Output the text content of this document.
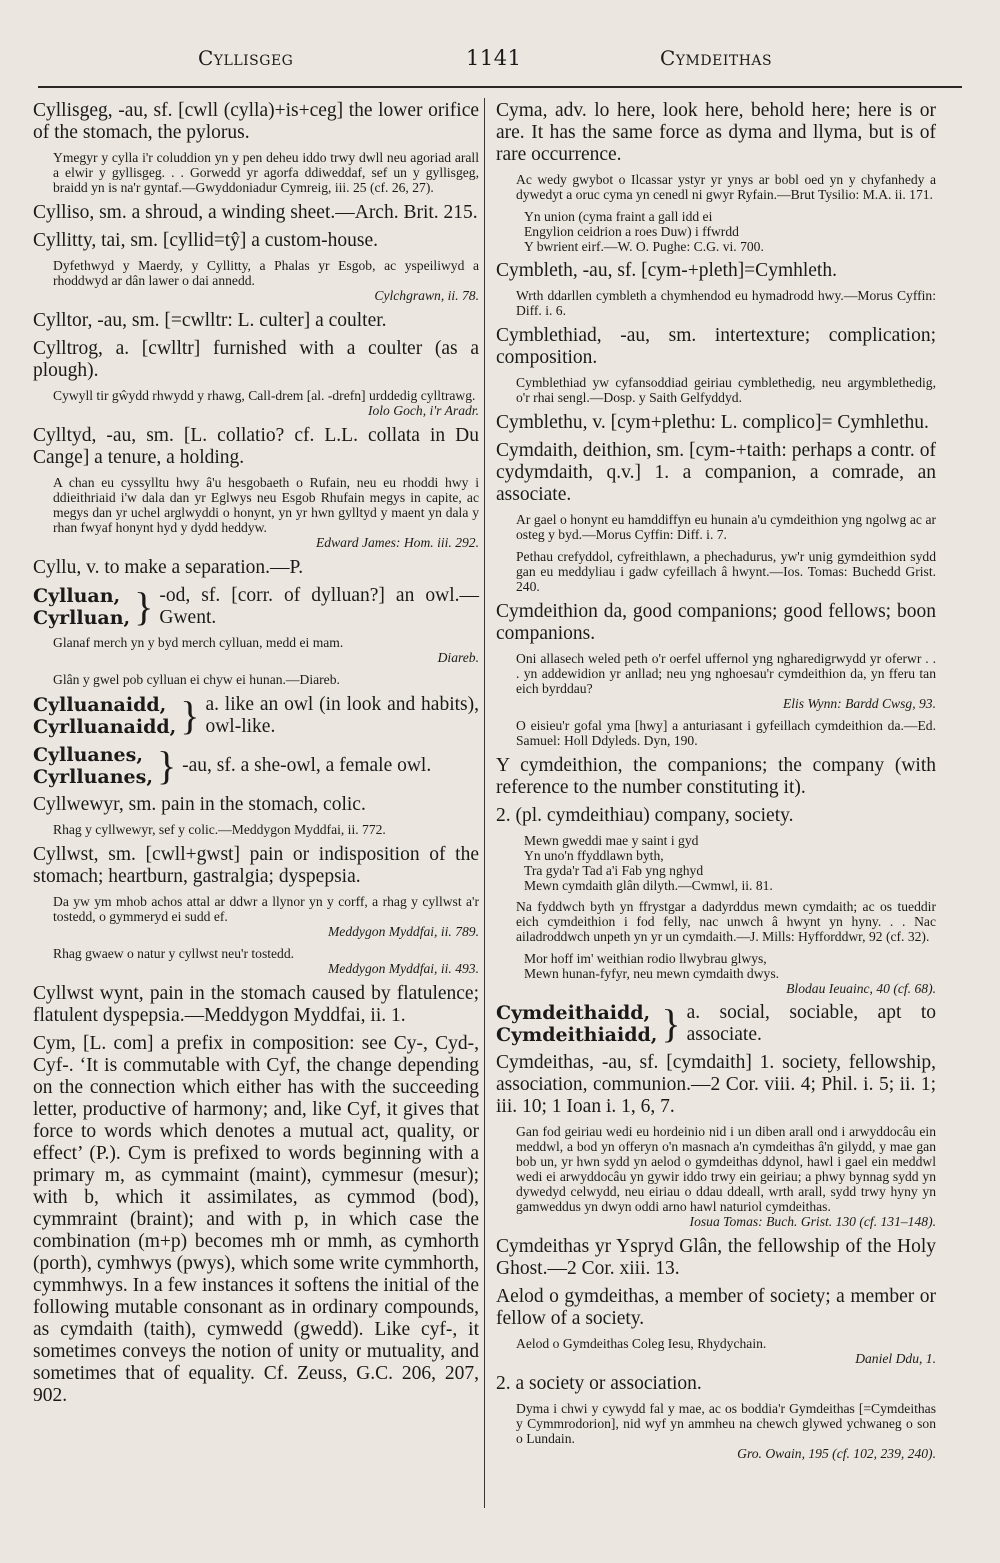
Cyllisgeg	1141	Cymdeithas

Cyllisgeg, -au, sf. [cwll (cylla)+is+ceg] the lower orifice of the stomach, the pylorus.

Ymegyr y cylla i'r coluddion yn y pen deheu iddo trwy dwll neu agoriad arall a elwir y gyllisgeg. . . Gorwedd yr agorfa ddiweddaf, sef un y gyllisgeg, braidd yn is na'r gyntaf.—Gwyddoniadur Cymreig, iii. 25 (cf. 26, 27).

Cylliso, sm. a shroud, a winding sheet.—Arch. Brit. 215.

Cyllitty, tai, sm. [cyllid=tŷ] a custom-house.

Dyfethwyd y Maerdy, y Cyllitty, a Phalas yr Esgob, ac yspeiliwyd a rhoddwyd ar dân lawer o dai annedd.
Cylchgrawn, ii. 78.

Cylltor, -au, sm. [=cwlltr: L. culter] a coulter.

Cylltrog, a. [cwlltr] furnished with a coulter (as a plough).

Cywyll tir gŵydd rhwydd y rhawg, Call-drem [al. -drefn] urddedig cylltrawg.
Iolo Goch, i'r Aradr.

Cylltyd, -au, sm. [L. collatio? cf. L.L. collata in Du Cange] a tenure, a holding.

A chan eu cyssylltu hwy â'u hesgobaeth o Rufain, neu eu rhoddi hwy i ddieithriaid i'w dala dan yr Eglwys neu Esgob Rhufain megys in capite, ac megys dan yr uchel arglwyddi o honynt, yn yr hwn gylltyd y maent yn dala y rhan fwyaf honynt hyd y dydd heddyw.
Edward James: Hom. iii. 292.

Cyllu, v. to make a separation.—P.

Cylluan,
Cyrlluan, } -od, sf. [corr. of dylluan?] an owl.—Gwent.

Glanaf merch yn y byd merch cylluan, medd ei mam.
Diareb.

Glân y gwel pob cylluan ei chyw ei hunan.—Diareb.

Cylluanaidd,
Cyrlluanaidd, } a. like an owl (in look and habits), owl-like.
Cylluanes,
Cyrlluanes, } -au, sf. a she-owl, a female owl.

Cyllwewyr, sm. pain in the stomach, colic.

Rhag y cyllwewyr, sef y colic.—Meddygon Myddfai, ii. 772.

Cyllwst, sm. [cwll+gwst] pain or indisposition of the stomach; heartburn, gastralgia; dyspepsia.

Da yw ym mhob achos attal ar ddwr a llynor yn y corff, a rhag y cyllwst a'r tostedd, o gymmeryd ei sudd ef.
Meddygon Myddfai, ii. 789.

Rhag gwaew o natur y cyllwst neu'r tostedd.
Meddygon Myddfai, ii. 493.

Cyllwst wynt, pain in the stomach caused by flatulence; flatulent dyspepsia.—Meddygon Myddfai, ii. 1.

Cym, [L. com] a prefix in composition: see Cy-, Cyd-, Cyf-. ‘It is commutable with Cyf, the change depending on the connection which either has with the succeeding letter, productive of harmony; and, like Cyf, it gives that force to words which denotes a mutual act, quality, or effect’ (P.). Cym is prefixed to words beginning with a primary m, as cymmaint (maint), cymmesur (mesur); with b, which it assimilates, as cymmod (bod), cymmraint (braint); and with p, in which case the combination (m+p) becomes mh or mmh, as cymhorth (porth), cymhwys (pwys), which some write cymmhorth, cymmhwys. In a few instances it softens the initial of the following mutable consonant as in ordinary compounds, as cymdaith (taith), cymwedd (gwedd). Like cyf-, it sometimes conveys the notion of unity or mutuality, and sometimes that of equality. Cf. Zeuss, G.C. 206, 207, 902.

Cyma, adv. lo here, look here, behold here; here is or are. It has the same force as dyma and llyma, but is of rare occurrence.

Ac wedy gwybot o Ilcassar ystyr yr ynys ar bobl oed yn y chyfanhedy a dywedyt a oruc cyma yn cenedl ni gwyr Ryfain.—Brut Tysilio: M.A. ii. 171.

Yn union (cyma fraint a gall idd ei
Engylion ceidrion a roes Duw) i ffwrdd
Y bwrient eirf.—W. O. Pughe: C.G. vi. 700.

Cymbleth, -au, sf. [cym-+pleth]=Cymhleth.

Wrth ddarllen cymbleth a chymhendod eu hymadrodd hwy.—Morus Cyffin: Diff. i. 6.

Cymblethiad, -au, sm. intertexture; complication; composition.

Cymblethiad yw cyfansoddiad geiriau cymblethedig, neu argymblethedig, o'r rhai sengl.—Dosp. y Saith Gelfyddyd.

Cymblethu, v. [cym+plethu: L. complico]= Cymhlethu.

Cymdaith, deithion, sm. [cym-+taith: perhaps a contr. of cydymdaith, q.v.] 1. a companion, a comrade, an associate.

Ar gael o honynt eu hamddiffyn eu hunain a'u cymdeithion yng ngolwg ac ar osteg y byd.—Morus Cyffin: Diff. i. 7.

Pethau crefyddol, cyfreithlawn, a phechadurus, yw'r unig gymdeithion sydd gan eu meddyliau i gadw cyfeillach â hwynt.—Ios. Tomas: Buchedd Grist. 240.

Cymdeithion da, good companions; good fellows; boon companions.

Oni allasech weled peth o'r oerfel uffernol yng ngharedigrwydd yr oferwr . . . yn addewidion yr anllad; neu yng nghoesau'r cymdeithion da, yn fferu tan eich byrddau?
Elis Wynn: Bardd Cwsg, 93.

O eisieu'r gofal yma [hwy] a anturiasant i gyfeillach cymdeithion da.—Ed. Samuel: Holl Ddyleds. Dyn, 190.

Y cymdeithion, the companions; the company (with reference to the number constituting it).

2. (pl. cymdeithiau) company, society.

Mewn gweddi mae y saint i gyd
Yn uno'n ffyddlawn byth,
Tra gyda'r Tad a'i Fab yng nghyd
Mewn cymdaith glân dilyth.—Cwmwl, ii. 81.

Na fyddwch byth yn ffrystgar a dadyrddus mewn cymdaith; ac os tueddir eich cymdeithion i fod felly, nac unwch â hwynt yn hyny. . . Nac ailadroddwch unpeth yn yr un cymdaith.—J. Mills: Hyfforddwr, 92 (cf. 32).

Mor hoff im' weithian rodio llwybrau glwys,
Mewn hunan-fyfyr, neu mewn cymdaith dwys.
Blodau Ieuainc, 40 (cf. 68).
Cymdeithaidd,
Cymdeithiaidd, } a. social, sociable, apt to associate.

Cymdeithas, -au, sf. [cymdaith] 1. society, fellowship, association, communion.—2 Cor. viii. 4; Phil. i. 5; ii. 1; iii. 10; 1 Ioan i. 1, 6, 7.

Gan fod geiriau wedi eu hordeinio nid i un diben arall ond i arwyddocâu ein meddwl, a bod yn offeryn o'n masnach a'n cymdeithas â'n gilydd, y mae gan bob un, yr hwn sydd yn aelod o gymdeithas ddynol, hawl i gael ein meddwl wedi ei arwyddocâu yn gywir iddo trwy ein geiriau; a phwy bynnag sydd yn dywedyd celwydd, neu eiriau o ddau ddeall, wrth arall, sydd trwy hyny yn gamweddus yn dwyn oddi arno hawl naturiol cymdeithas.
Iosua Tomas: Buch. Grist. 130 (cf. 131–148).

Cymdeithas yr Yspryd Glân, the fellowship of the Holy Ghost.—2 Cor. xiii. 13.

Aelod o gymdeithas, a member of society; a member or fellow of a society.

Aelod o Gymdeithas Coleg Iesu, Rhydychain.
Daniel Ddu, 1.

2. a society or association.

Dyma i chwi y cywydd fal y mae, ac os boddia'r Gymdeithas [=Cymdeithas y Cymmrodorion], nid wyf yn ammheu na chewch glywed ychwaneg o son o Lundain.
Gro. Owain, 195 (cf. 102, 239, 240).
